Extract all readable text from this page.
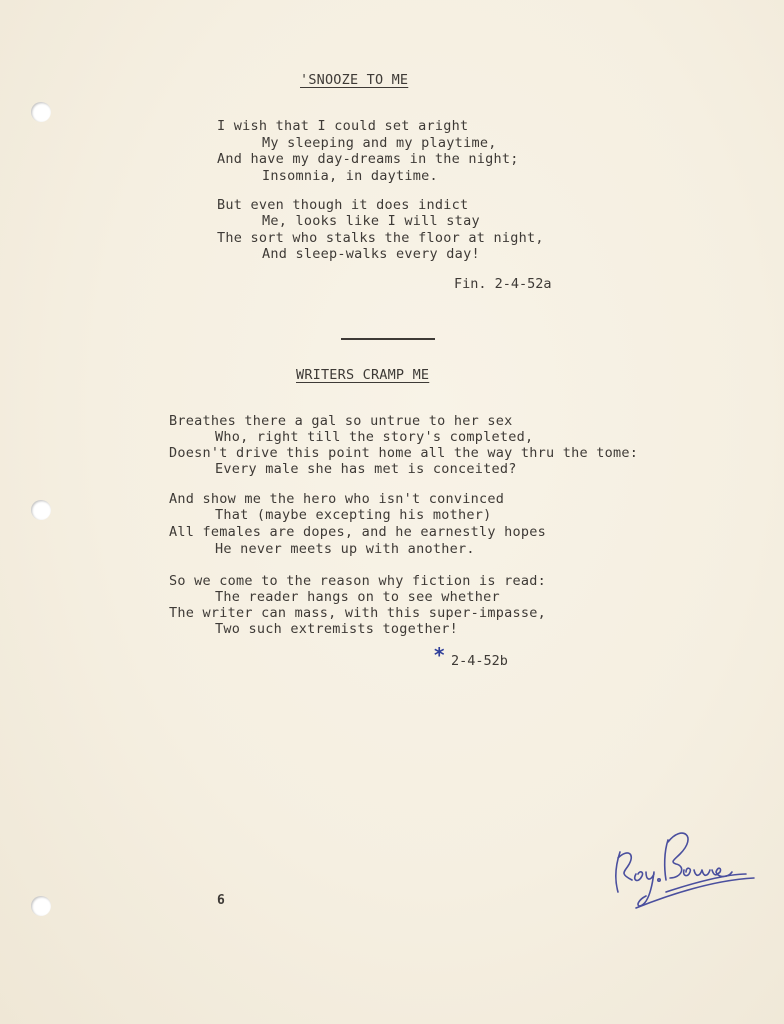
'SNOOZE TO ME
I wish that I could set aright
My sleeping and my playtime,
And have my day-dreams in the night;
Insomnia, in daytime.
But even though it does indict
Me, looks like I will stay
The sort who stalks the floor at night,
And sleep-walks every day!
Fin. 2-4-52a
WRITERS CRAMP ME
Breathes there a gal so untrue to her sex
Who, right till the story's completed,
Doesn't drive this point home all the way thru the tome:
Every male she has met is conceited?
And show me the hero who isn't convinced
That (maybe excepting his mother)
All females are dopes, and he earnestly hopes
He never meets up with another.
So we come to the reason why fiction is read:
The reader hangs on to see whether
The writer can mass, with this super-impasse,
Two such extremists together!
* 2-4-52b
6
